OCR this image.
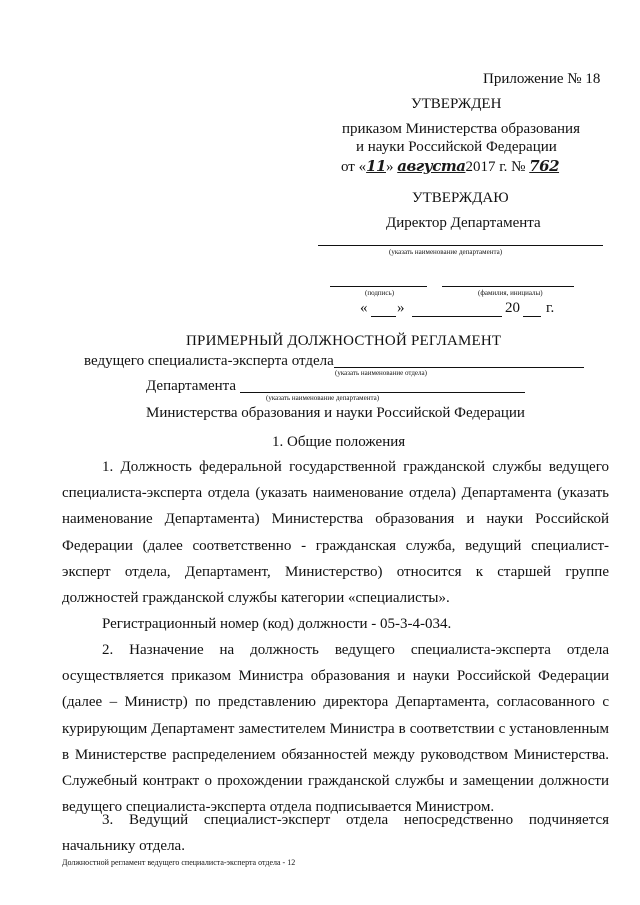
Приложение № 18
УТВЕРЖДЕН
приказом Министерства образования
и науки Российской Федерации
от «11» августа2017 г. № 762
УТВЕРЖДАЮ
Директор Департамента
(указать наименование департамента)
(подпись)	(фамилия, инициалы)
« »	20 г.
ПРИМЕРНЫЙ ДОЛЖНОСТНОЙ РЕГЛАМЕНТ
ведущего специалиста-эксперта отдела
(указать наименование отдела)
Департамента
(указать наименование департамента)
Министерства образования и науки Российской Федерации
1. Общие положения

1. Должность федеральной государственной гражданской службы ведущего специалиста-эксперта отдела (указать наименование отдела) Департамента (указать наименование Департамента) Министерства образования и науки Российской Федерации (далее соответственно - гражданская служба, ведущий специалист-эксперт отдела, Департамент, Министерство) относится к старшей группе должностей гражданской службы категории «специалисты».

Регистрационный номер (код) должности - 05-3-4-034.

2. Назначение на должность ведущего специалиста-эксперта отдела осуществляется приказом Министра образования и науки Российской Федерации (далее – Министр) по представлению директора Департамента, согласованного с курирующим Департамент заместителем Министра в соответствии с установленным в Министерстве распределением обязанностей между руководством Министерства. Служебный контракт о прохождении гражданской службы и замещении должности ведущего специалиста-эксперта отдела подписывается Министром.

3. Ведущий специалист-эксперт отдела непосредственно подчиняется

начальнику отдела.

Должностной регламент ведущего специалиста-эксперта отдела - 12
